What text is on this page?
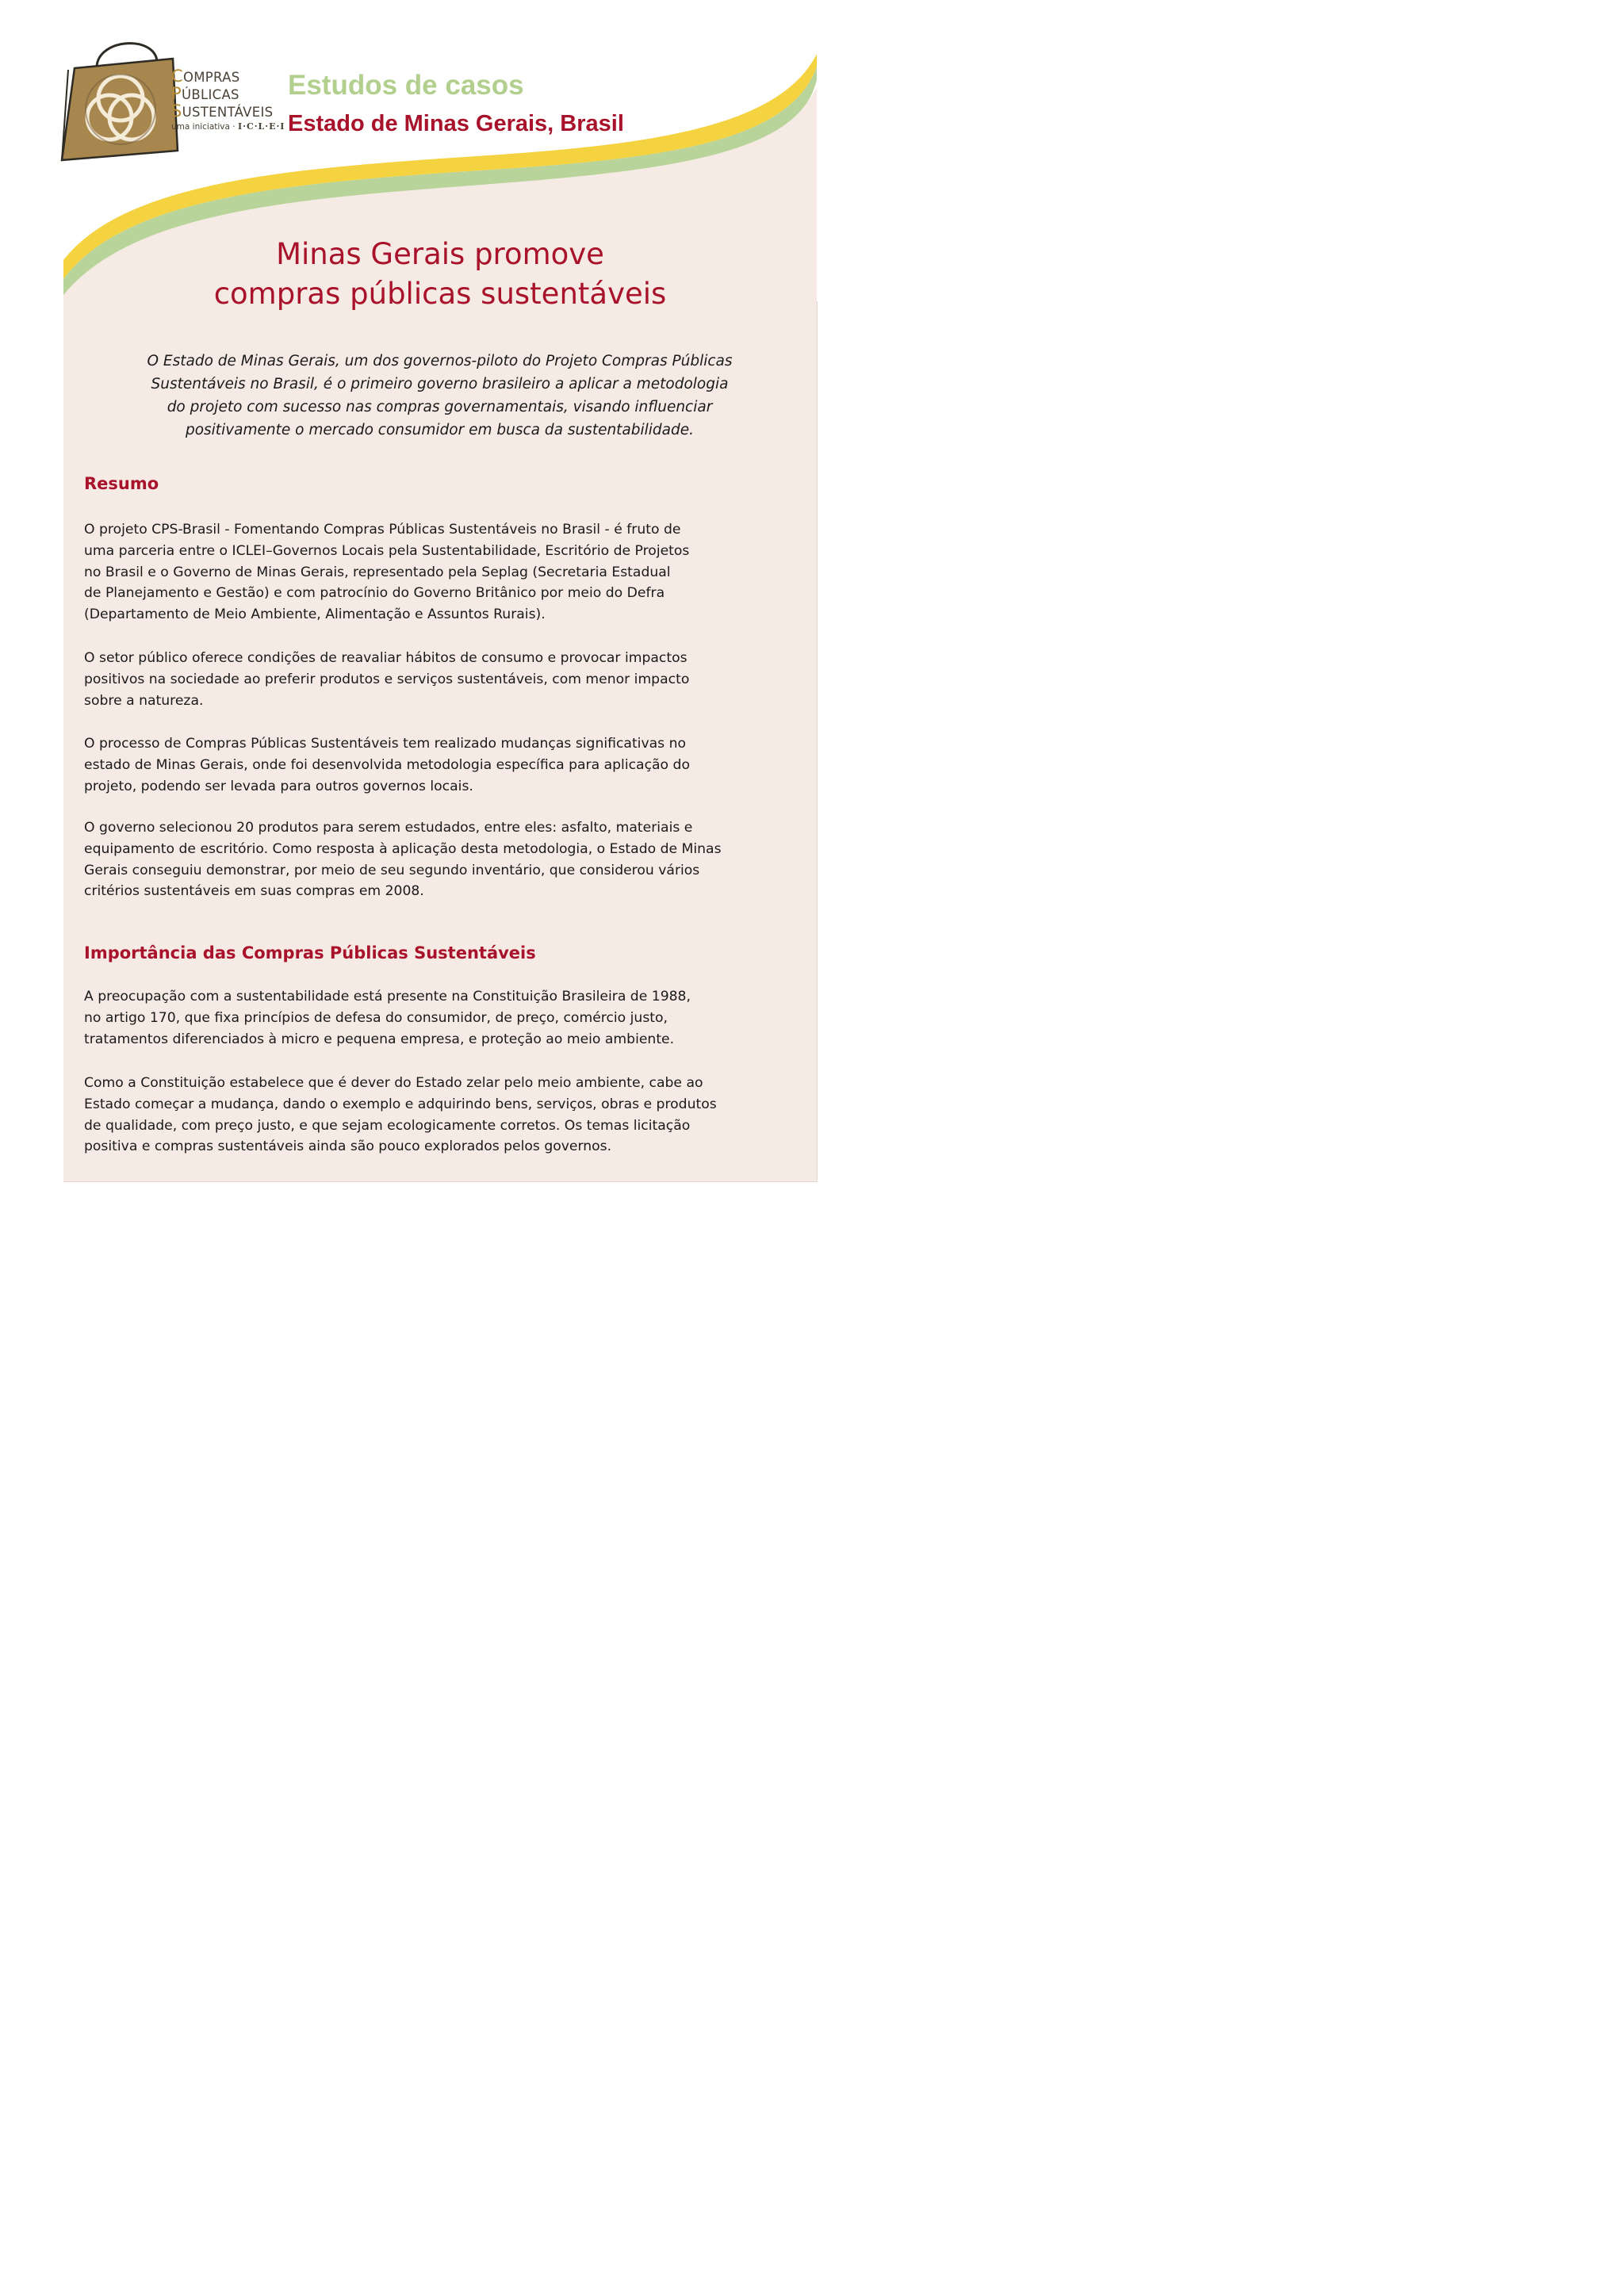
COMPRAS
PÚBLICAS
SUSTENTÁVEIS
uma iniciativa · I·C·L·E·I
Estudos de casos
Estado de Minas Gerais, Brasil
Minas Gerais promove
compras públicas sustentáveis

O Estado de Minas Gerais, um dos governos-piloto do Projeto Compras Públicas
Sustentáveis no Brasil, é o primeiro governo brasileiro a aplicar a metodologia
do projeto com sucesso nas compras governamentais, visando influenciar
positivamente o mercado consumidor em busca da sustentabilidade.

Resumo

O projeto CPS-Brasil - Fomentando Compras Públicas Sustentáveis no Brasil - é fruto de
uma parceria entre o ICLEI–Governos Locais pela Sustentabilidade, Escritório de Projetos
no Brasil e o Governo de Minas Gerais, representado pela Seplag (Secretaria Estadual
de Planejamento e Gestão) e com patrocínio do Governo Britânico por meio do Defra
(Departamento de Meio Ambiente, Alimentação e Assuntos Rurais).

O setor público oferece condições de reavaliar hábitos de consumo e provocar impactos
positivos na sociedade ao preferir produtos e serviços sustentáveis, com menor impacto
sobre a natureza.

O processo de Compras Públicas Sustentáveis tem realizado mudanças significativas no
estado de Minas Gerais, onde foi desenvolvida metodologia específica para aplicação do
projeto, podendo ser levada para outros governos locais.

O governo selecionou 20 produtos para serem estudados, entre eles: asfalto, materiais e
equipamento de escritório. Como resposta à aplicação desta metodologia, o Estado de Minas
Gerais conseguiu demonstrar, por meio de seu segundo inventário, que considerou vários
critérios sustentáveis em suas compras em 2008.

Importância das Compras Públicas Sustentáveis

A preocupação com a sustentabilidade está presente na Constituição Brasileira de 1988,
no artigo 170, que fixa princípios de defesa do consumidor, de preço, comércio justo,
tratamentos diferenciados à micro e pequena empresa, e proteção ao meio ambiente.

Como a Constituição estabelece que é dever do Estado zelar pelo meio ambiente, cabe ao
Estado começar a mudança, dando o exemplo e adquirindo bens, serviços, obras e produtos
de qualidade, com preço justo, e que sejam ecologicamente corretos. Os temas licitação
positiva e compras sustentáveis ainda são pouco explorados pelos governos.
